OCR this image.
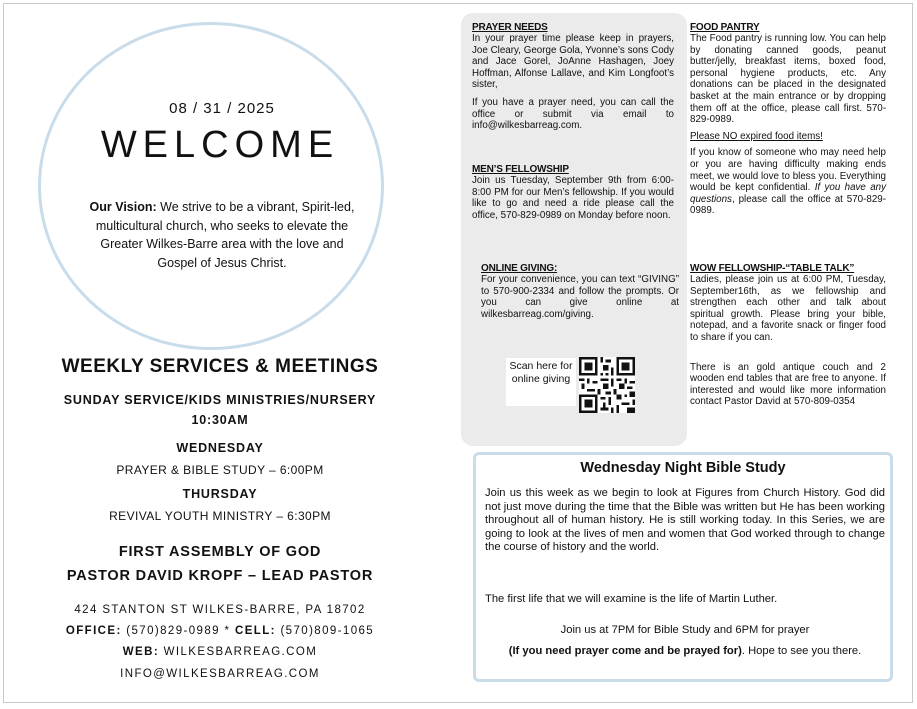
08 / 31 / 2025
WELCOME
Our Vision: We strive to be a vibrant, Spirit-led, multicultural church, who seeks to elevate the Greater Wilkes-Barre area with the love and Gospel of Jesus Christ.
WEEKLY SERVICES & MEETINGS
SUNDAY SERVICE/KIDS MINISTRIES/NURSERY
10:30AM
WEDNESDAY
PRAYER & BIBLE STUDY – 6:00PM
THURSDAY
REVIVAL YOUTH MINISTRY – 6:30PM
FIRST ASSEMBLY OF GOD
PASTOR DAVID KROPF – LEAD PASTOR
424 STANTON ST WILKES-BARRE, PA 18702
OFFICE: (570)829-0989 * CELL: (570)809-1065
WEB: WILKESBARREAG.COM
INFO@WILKESBARREAG.COM
PRAYER NEEDS
In your prayer time please keep in prayers, Joe Cleary, George Gola, Yvonne’s sons Cody and Jace Gorel, JoAnne Hashagen, Joey Hoffman, Alfonse Lallave, and Kim Longfoot’s sister,
If you have a prayer need, you can call the office or submit via email to info@wilkesbarreag.com.
MEN’S FELLOWSHIP
Join us Tuesday, September 9th from 6:00-8:00 PM for our Men’s fellowship. If you would like to go and need a ride please call the office, 570-829-0989 on Monday before noon.
ONLINE GIVING:
For your convenience, you can text “GIVING” to 570-900-2334 and follow the prompts. Or you can give online at wilkesbarreag.com/giving.
Scan here for online giving
FOOD PANTRY
The Food pantry is running low. You can help by donating canned goods, peanut butter/jelly, breakfast items, boxed food, personal hygiene products, etc. Any donations can be placed in the designated basket at the main entrance or by dropping them off at the office, please call first. 570-829-0989.
Please NO expired food items!
If you know of someone who may need help or you are having difficulty making ends meet, we would love to bless you. Everything would be kept confidential. If you have any questions, please call the office at 570-829-0989.
WOW FELLOWSHIP-“TABLE TALK”
Ladies, please join us at 6:00 PM, Tuesday, September16th, as we fellowship and strengthen each other and talk about spiritual growth. Please bring your bible, notepad, and a favorite snack or finger food to share if you can.
There is an gold antique couch and 2 wooden end tables that are free to anyone. If interested and would like more information contact Pastor David at 570-809-0354
Wednesday Night Bible Study
Join us this week as we begin to look at Figures from Church History. God did not just move during the time that the Bible was written but He has been working throughout all of human history. He is still working today. In this Series, we are going to look at the lives of men and women that God worked through to change the course of history and the world.
The first life that we will examine is the life of Martin Luther.
Join us at 7PM for Bible Study and 6PM for prayer
(If you need prayer come and be prayed for). Hope to see you there.
